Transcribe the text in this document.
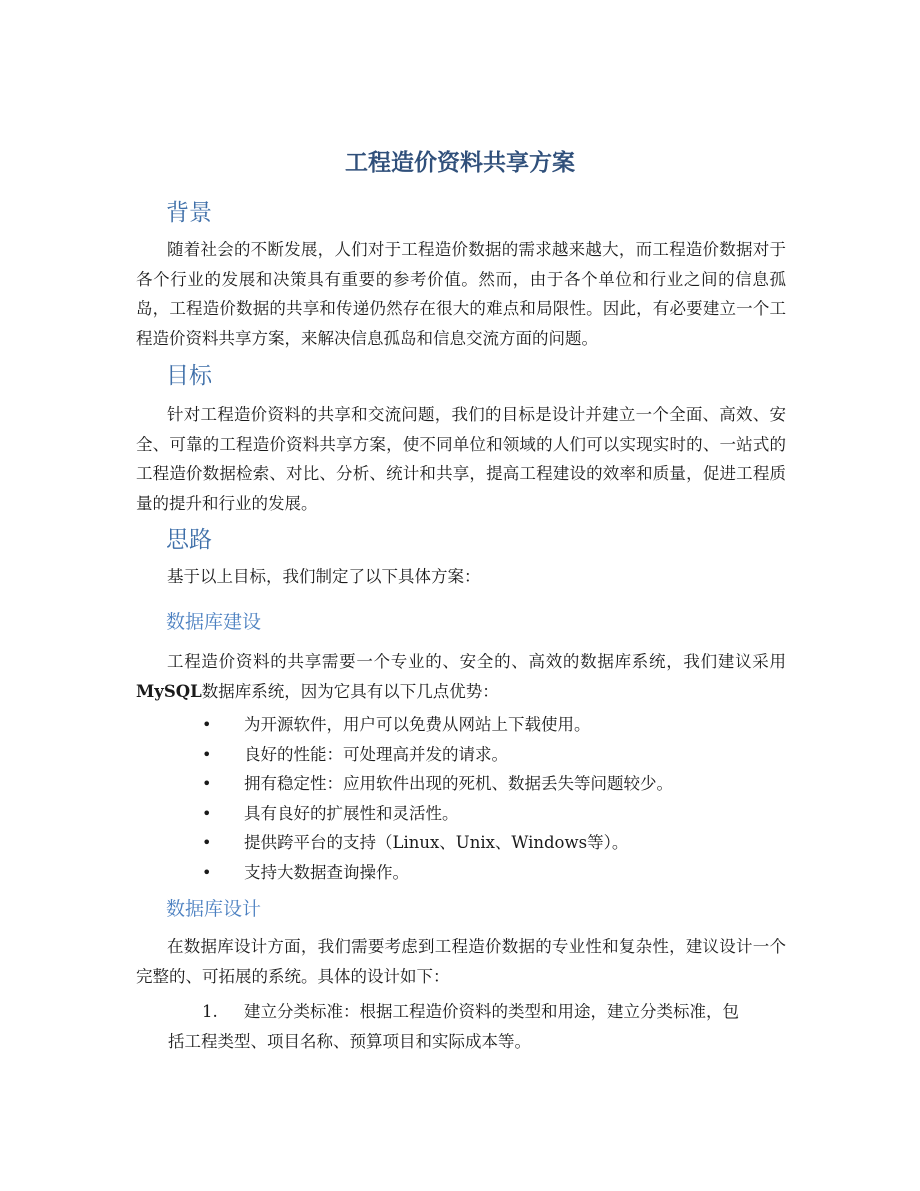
工程造价资料共享方案
背景

随着社会的不断发展，人们对于工程造价数据的需求越来越大，而工程造价数据对于各个行业的发展和决策具有重要的参考价值。然而，由于各个单位和行业之间的信息孤岛，工程造价数据的共享和传递仍然存在很大的难点和局限性。因此，有必要建立一个工程造价资料共享方案，来解决信息孤岛和信息交流方面的问题。

目标

针对工程造价资料的共享和交流问题，我们的目标是设计并建立一个全面、高效、安全、可靠的工程造价资料共享方案，使不同单位和领域的人们可以实现实时的、一站式的工程造价数据检索、对比、分析、统计和共享，提高工程建设的效率和质量，促进工程质量的提升和行业的发展。

思路

基于以上目标，我们制定了以下具体方案：

数据库建设

工程造价资料的共享需要一个专业的、安全的、高效的数据库系统，我们建议采用MySQL数据库系统，因为它具有以下几点优势：

• 为开源软件，用户可以免费从网站上下载使用。
• 良好的性能：可处理高并发的请求。
• 拥有稳定性：应用软件出现的死机、数据丢失等问题较少。
• 具有良好的扩展性和灵活性。
• 提供跨平台的支持（Linux、Unix、Windows等）。
• 支持大数据查询操作。
数据库设计

在数据库设计方面，我们需要考虑到工程造价数据的专业性和复杂性，建议设计一个完整的、可拓展的系统。具体的设计如下：

1. 建立分类标准：根据工程造价资料的类型和用途，建立分类标准，包
括工程类型、项目名称、预算项目和实际成本等。
